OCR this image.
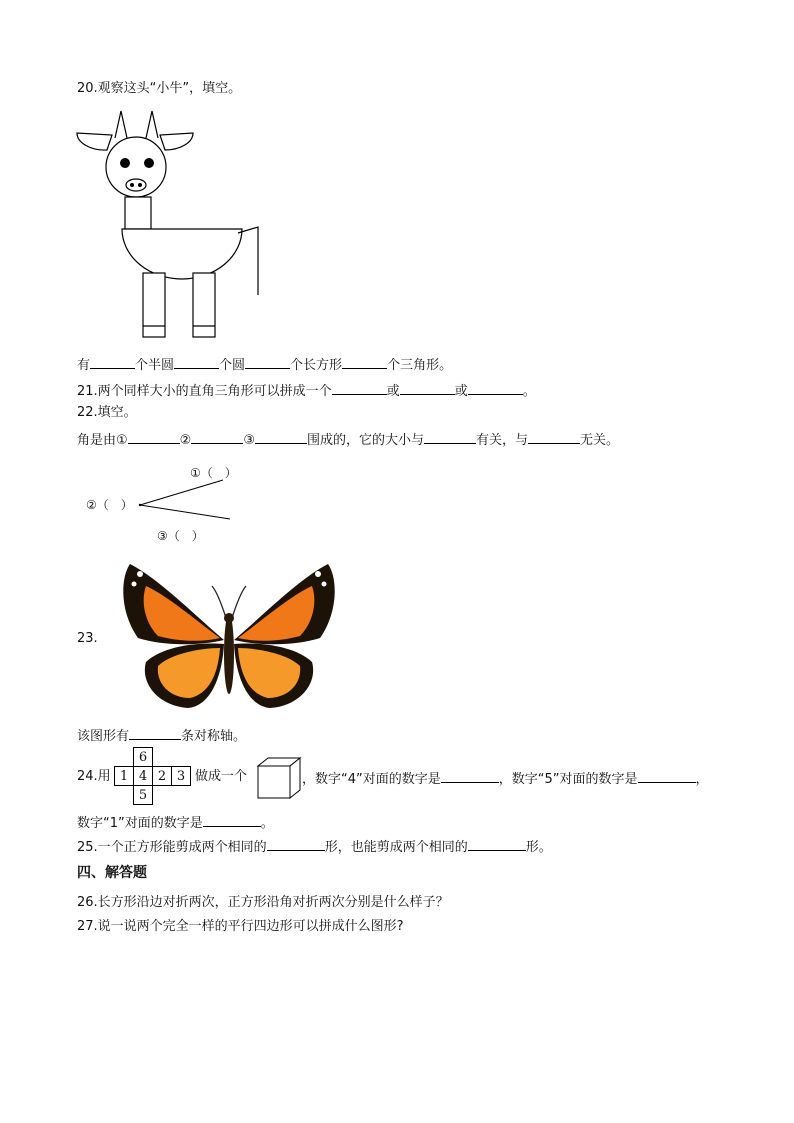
20.观察这头“小牛”，填空。
有	个半圆	个圆	个长方形	个三角形。
21.两个同样大小的直角三角形可以拼成一个	或	或	。
22.填空。
角是由①	②	③	围成的，它的大小与	有关，与	无关。
①（　）
②（　）
③（　）
23.
该图形有	条对称轴。
24.用
	6		
1	4	2	3
	5		
做成一个	，数字“4”对面的数字是	，数字“5”对面的数字是	，
数字“1”对面的数字是	。
25.一个正方形能剪成两个相同的	形，也能剪成两个相同的	形。
四、解答题
26.长方形沿边对折两次，正方形沿角对折两次分别是什么样子？
27.说一说两个完全一样的平行四边形可以拼成什么图形?
